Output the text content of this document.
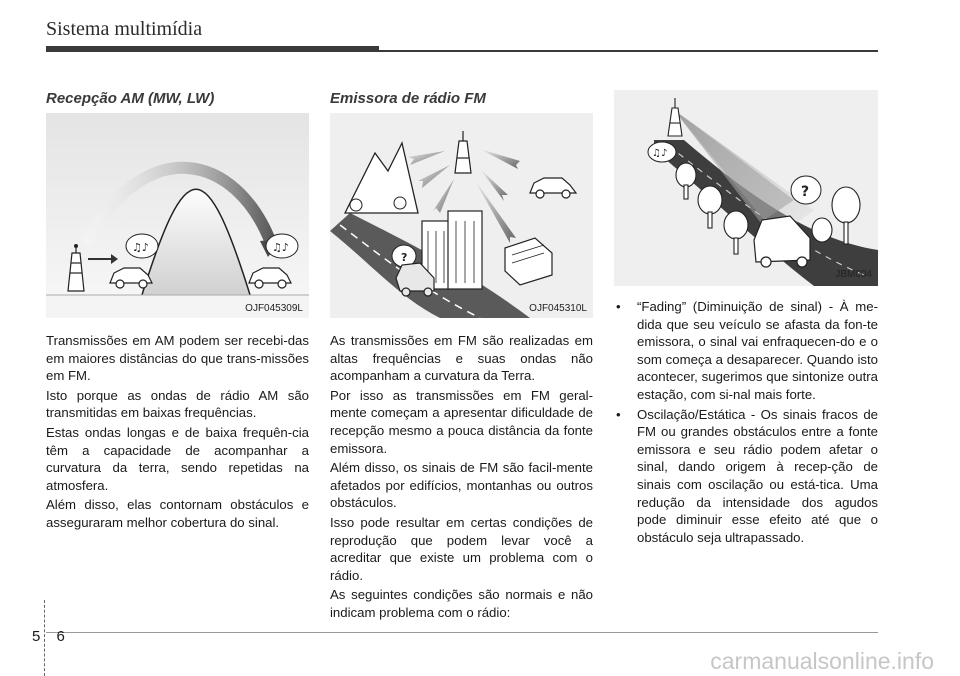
Sistema multimídia
Recepção AM (MW, LW)
♫♪	♫♪
OJF045309L

Transmissões em AM podem ser recebi-das em maiores distâncias do que trans-missões em FM.

Isto porque as ondas de rádio AM são transmitidas em baixas frequências.

Estas ondas longas e de baixa frequên-cia têm a capacidade de acompanhar a curvatura da terra, sendo repetidas na atmosfera.

Além disso, elas contornam obstáculos e asseguraram melhor cobertura do sinal.

Emissora de rádio FM
?
OJF045310L

As transmissões em FM são realizadas em altas frequências e suas ondas não acompanham a curvatura da Terra.

Por isso as transmissões em FM geral-mente começam a apresentar dificuldade de recepção mesmo a pouca distância da fonte emissora.

Além disso, os sinais de FM são facil-mente afetados por edifícios, montanhas ou outros obstáculos.

Isso pode resultar em certas condições de reprodução que podem levar você a acreditar que existe um problema com o rádio.

As seguintes condições são normais e não indicam problema com o rádio:

♫♪
?
JBM004
• “Fading” (Diminuição de sinal) - À me-dida que seu veículo se afasta da fon-te emissora, o sinal vai enfraquecen-do e o som começa a desaparecer. Quando isto acontecer, sugerimos que sintonize outra estação, com si-nal mais forte.
• Oscilação/Estática - Os sinais fracos de FM ou grandes obstáculos entre a fonte emissora e seu rádio podem afetar o sinal, dando origem à recep-ção de sinais com oscilação ou está-tica. Uma redução da intensidade dos agudos pode diminuir esse efeito até que o obstáculo seja ultrapassado.
5 6
carmanualsonline.info
